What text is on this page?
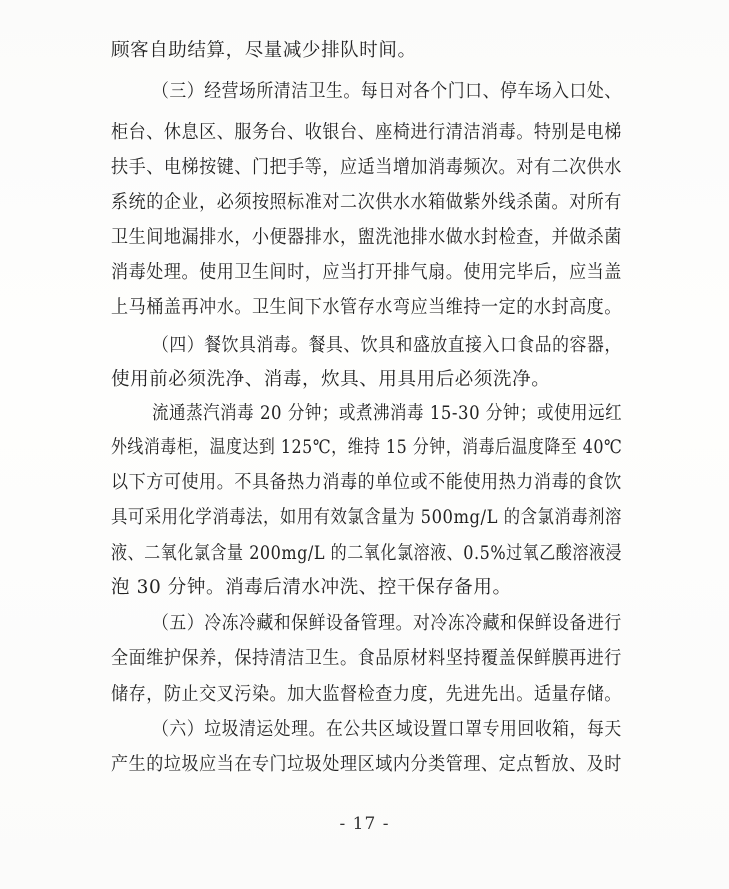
顾客自助结算，尽量减少排队时间。
（三）经营场所清洁卫生。每日对各个门口、停车场入口处、
柜台、休息区、服务台、收银台、座椅进行清洁消毒。特别是电梯
扶手、电梯按键、门把手等，应适当增加消毒频次。对有二次供水
系统的企业，必须按照标准对二次供水水箱做紫外线杀菌。对所有
卫生间地漏排水，小便器排水，盥洗池排水做水封检查，并做杀菌
消毒处理。使用卫生间时，应当打开排气扇。使用完毕后，应当盖
上马桶盖再冲水。卫生间下水管存水弯应当维持一定的水封高度。
（四）餐饮具消毒。餐具、饮具和盛放直接入口食品的容器，
使用前必须洗净、消毒，炊具、用具用后必须洗净。
流通蒸汽消毒 20 分钟；或煮沸消毒 15-30 分钟；或使用远红
外线消毒柜，温度达到 125℃，维持 15 分钟，消毒后温度降至 40℃
以下方可使用。不具备热力消毒的单位或不能使用热力消毒的食饮
具可采用化学消毒法，如用有效氯含量为 500mg/L 的含氯消毒剂溶
液、二氧化氯含量 200mg/L 的二氧化氯溶液、0.5%过氧乙酸溶液浸
泡 30 分钟。消毒后清水冲洗、控干保存备用。
（五）冷冻冷藏和保鲜设备管理。对冷冻冷藏和保鲜设备进行
全面维护保养，保持清洁卫生。食品原材料坚持覆盖保鲜膜再进行
储存，防止交叉污染。加大监督检查力度，先进先出。适量存储。
（六）垃圾清运处理。在公共区域设置口罩专用回收箱，每天
产生的垃圾应当在专门垃圾处理区域内分类管理、定点暂放、及时
- 17 -
